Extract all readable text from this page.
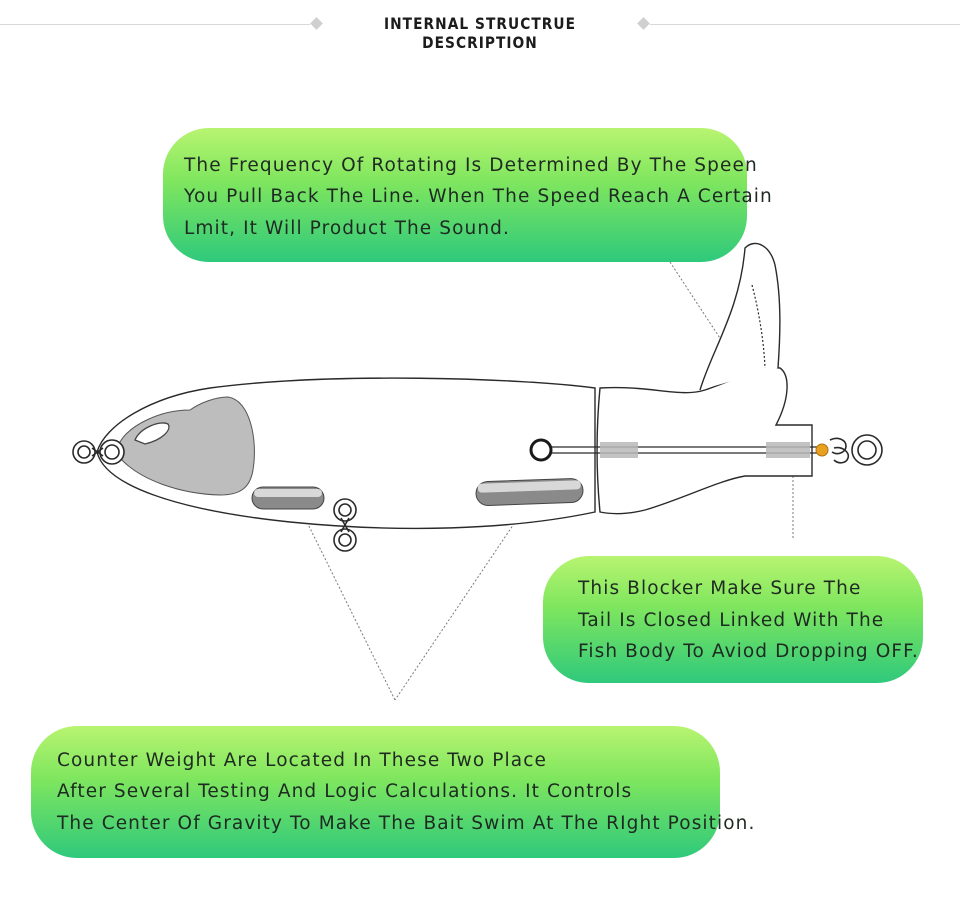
INTERNAL STRUCTRUE DESCRIPTION
The Frequency Of Rotating Is Determined By The Speen
You Pull Back The Line. When The Speed Reach A Certain
Lmit, It Will Product The Sound.
This Blocker Make Sure The
Tail Is Closed Linked With The
Fish Body To Aviod Dropping OFF.
Counter Weight Are Located In These Two Place
After Several Testing And Logic Calculations. It Controls
The Center Of Gravity To Make The Bait Swim At The RIght Position.
